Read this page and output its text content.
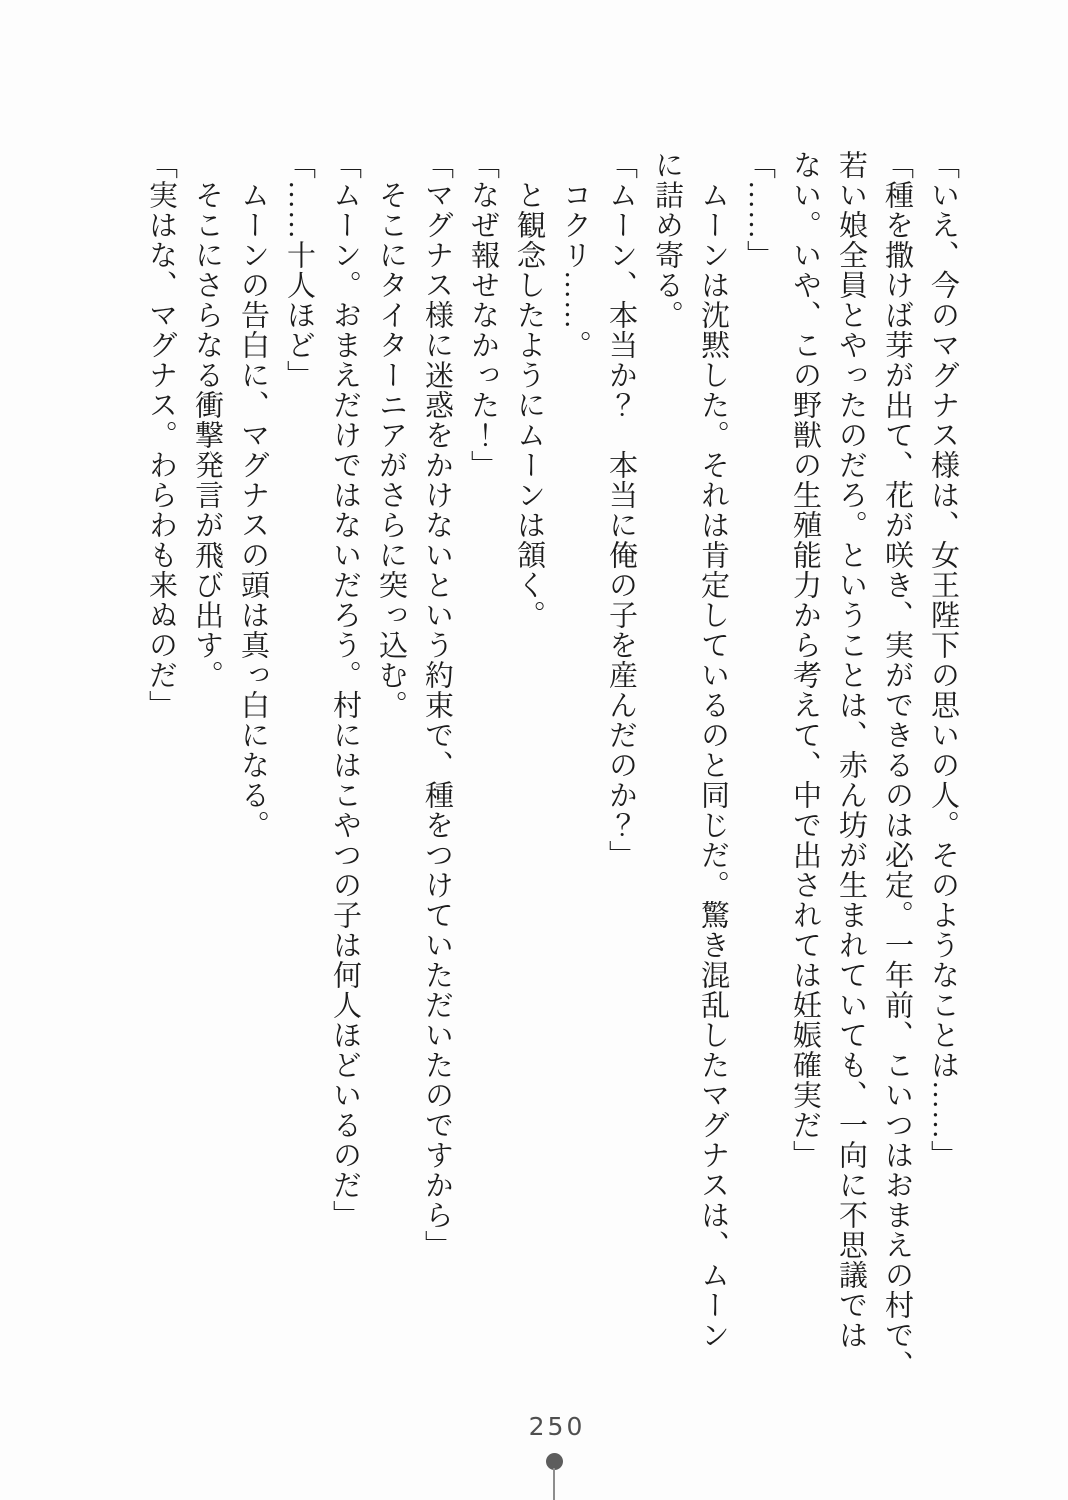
「いえ、今のマグナス様は、女王陛下の思いの人。そのようなことは……」
「種を撒けば芽が出て、花が咲き、実ができるのは必定。一年前、こいつはおまえの村で、
若い娘全員とやったのだろ。ということは、赤ん坊が生まれていても、一向に不思議では
ない。いや、この野獣の生殖能力から考えて、中で出されては妊娠確実だ」
「……」
ムーンは沈黙した。それは肯定しているのと同じだ。驚き混乱したマグナスは、ムーン
に詰め寄る。
「ムーン、本当か？　本当に俺の子を産んだのか？」
コクリ……。
と観念したようにムーンは頷く。
「なぜ報せなかった！」
「マグナス様に迷惑をかけないという約束で、種をつけていただいたのですから」
そこにタイターニアがさらに突っ込む。
「ムーン。おまえだけではないだろう。村にはこやつの子は何人ほどいるのだ」
「……十人ほど」
ムーンの告白に、マグナスの頭は真っ白になる。
そこにさらなる衝撃発言が飛び出す。
「実はな、マグナス。わらわも来ぬのだ」
250
